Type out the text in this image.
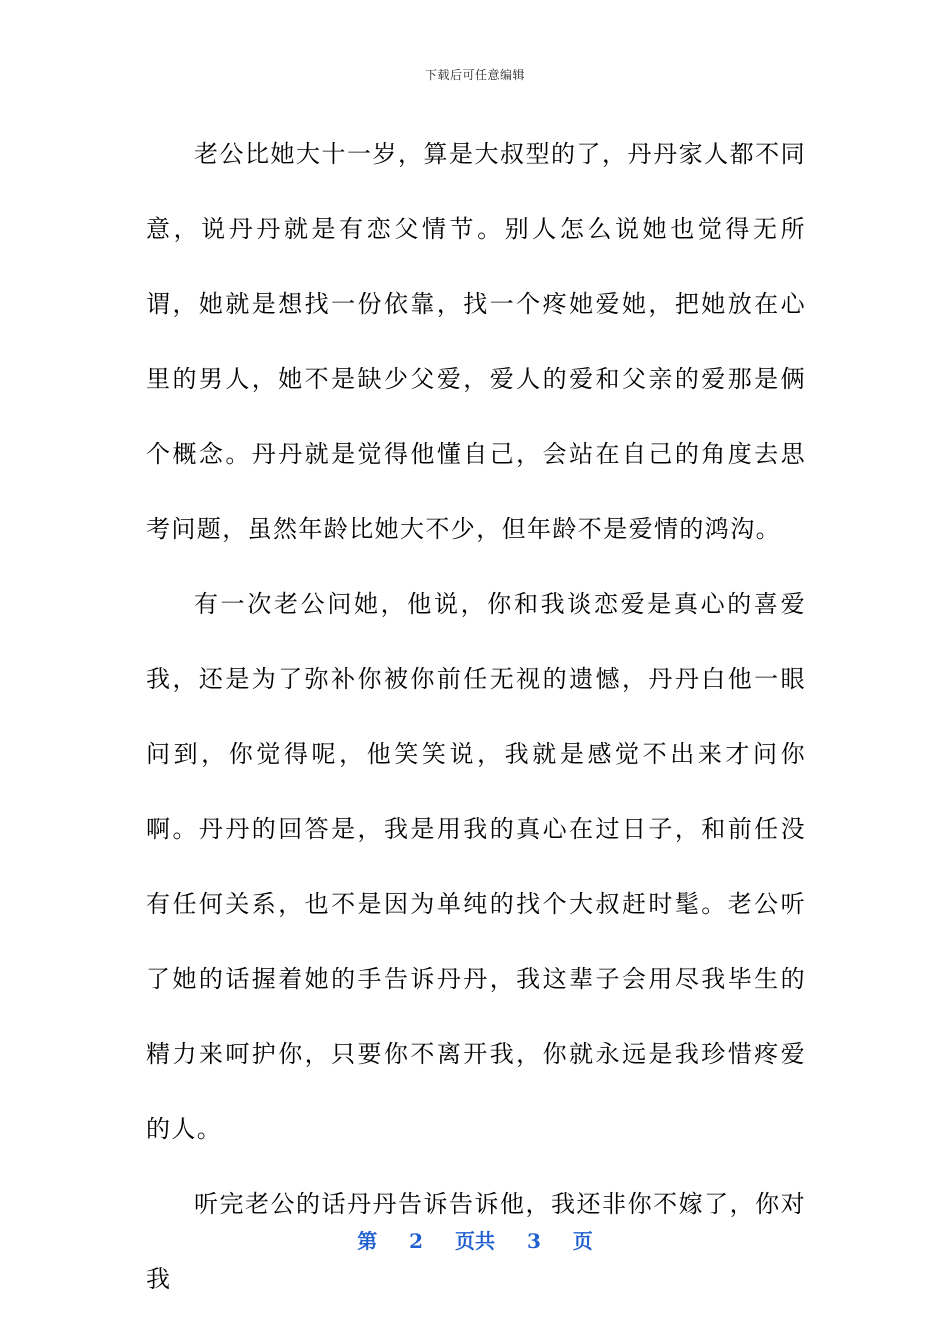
下载后可任意编辑

老公比她大十一岁，算是大叔型的了，丹丹家人都不同意，说丹丹就是有恋父情节。别人怎么说她也觉得无所谓，她就是想找一份依靠，找一个疼她爱她，把她放在心里的男人，她不是缺少父爱，爱人的爱和父亲的爱那是俩个概念。丹丹就是觉得他懂自己，会站在自己的角度去思考问题，虽然年龄比她大不少，但年龄不是爱情的鸿沟。

有一次老公问她，他说，你和我谈恋爱是真心的喜爱我，还是为了弥补你被你前任无视的遗憾，丹丹白他一眼问到，你觉得呢，他笑笑说，我就是感觉不出来才问你啊。丹丹的回答是，我是用我的真心在过日子，和前任没有任何关系，也不是因为单纯的找个大叔赶时髦。老公听了她的话握着她的手告诉丹丹，我这辈子会用尽我毕生的精力来呵护你，只要你不离开我，你就永远是我珍惜疼爱的人。

听完老公的话丹丹告诉告诉他，我还非你不嫁了，你对我

第 2 页共 3 页
